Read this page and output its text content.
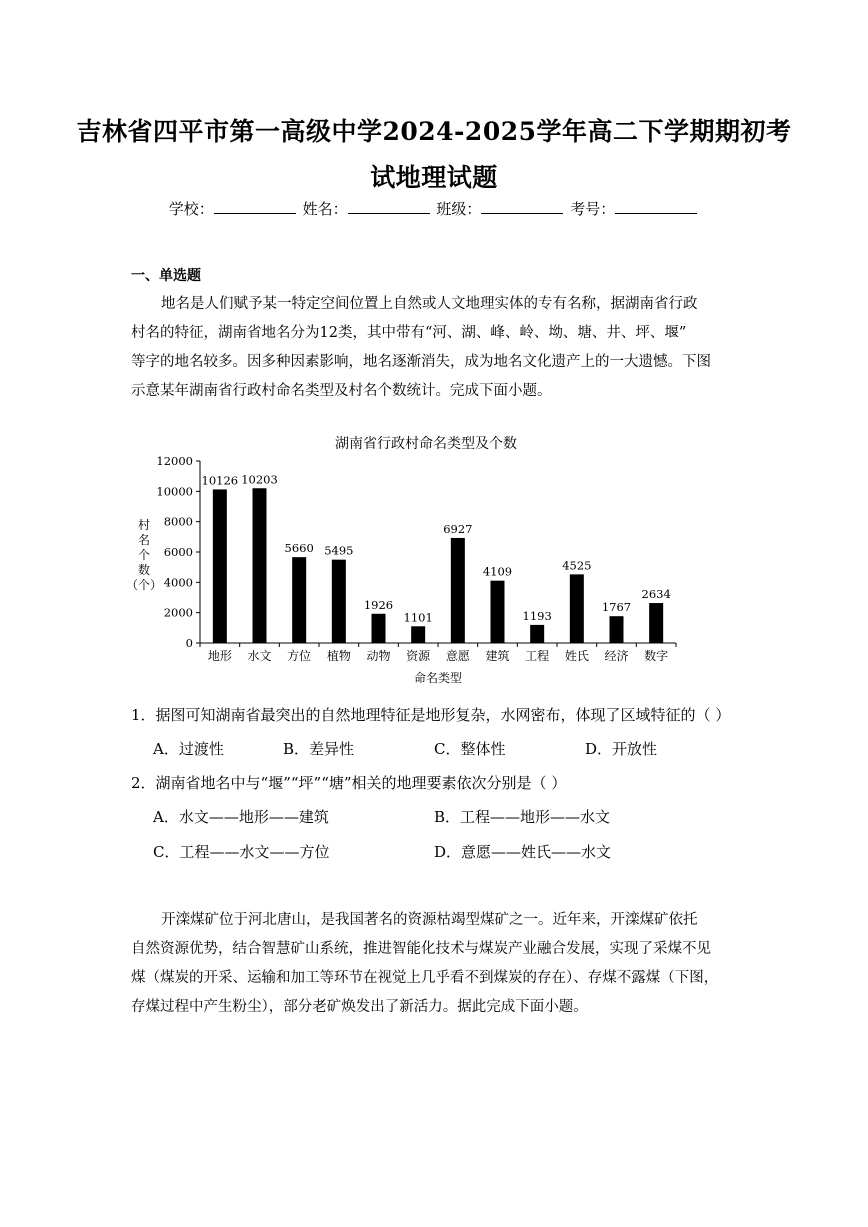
吉林省四平市第一高级中学2024-2025学年高二下学期期初考
试地理试题
学校：	姓名：	班级：	考号：
一、单选题
地名是人们赋予某一特定空间位置上自然或人文地理实体的专有名称，据湖南省行政
村名的特征，湖南省地名分为12类，其中带有“河、湖、峰、岭、坳、塘、井、坪、堰”
等字的地名较多。因多种因素影响，地名逐渐消失，成为地名文化遗产上的一大遗憾。下图
示意某年湖南省行政村命名类型及村名个数统计。完成下面小题。
湖南省行政村命名类型及个数
村
名
个
数
（个）
0
2000
4000
6000
8000
10000
12000
10126 10203
5660 5495
1926
1101
6927
4109
1193
4525
1767
2634
地形 水文 方位 植物 动物 资源 意愿 建筑 工程 姓氏 经济 数字
命名类型
1．据图可知湖南省最突出的自然地理特征是地形复杂，水网密布，体现了区域特征的（ ）
A．过渡性	B．差异性	C．整体性	D．开放性
2．湖南省地名中与“堰”“坪”“塘”相关的地理要素依次分别是（ ）
A．水文——地形——建筑	B．工程——地形——水文
C．工程——水文——方位	D．意愿——姓氏——水文
开滦煤矿位于河北唐山，是我国著名的资源枯竭型煤矿之一。近年来，开滦煤矿依托
自然资源优势，结合智慧矿山系统，推进智能化技术与煤炭产业融合发展，实现了采煤不见
煤（煤炭的开采、运输和加工等环节在视觉上几乎看不到煤炭的存在）、存煤不露煤（下图，
存煤过程中产生粉尘），部分老矿焕发出了新活力。据此完成下面小题。
